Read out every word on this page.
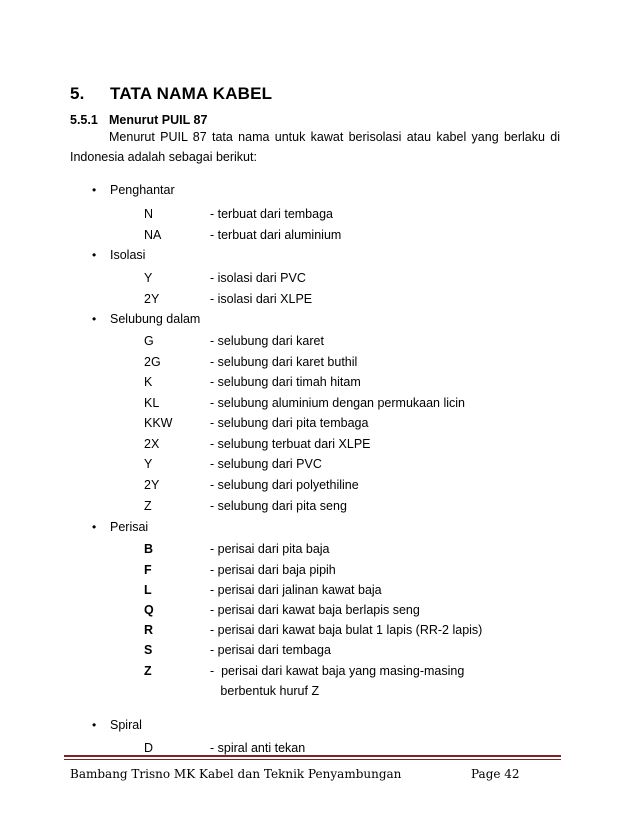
5. TATA NAMA KABEL
5.5.1 Menurut PUIL 87

Menurut PUIL 87 tata nama untuk kawat berisolasi atau kabel yang berlaku di
Indonesia adalah sebagai berikut:

• Penghantar
N	- terbuat dari tembaga
NA	- terbuat dari aluminium
• Isolasi
Y	- isolasi dari PVC
2Y	- isolasi dari XLPE
• Selubung dalam
G	- selubung dari karet
2G	- selubung dari karet buthil
K	- selubung dari timah hitam
KL	- selubung aluminium dengan permukaan licin
KKW	- selubung dari pita tembaga
2X	- selubung terbuat dari XLPE
Y	- selubung dari PVC
2Y	- selubung dari polyethiline
Z	- selubung dari pita seng
• Perisai
B	- perisai dari pita baja
F	- perisai dari baja pipih
L	- perisai dari jalinan kawat baja
Q	- perisai dari kawat baja berlapis seng
R	- perisai dari kawat baja bulat 1 lapis (RR-2 lapis)
S	- perisai dari tembaga
Z	-  perisai dari kawat baja yang masing-masing
berbentuk huruf Z
• Spiral
D	- spiral anti tekan
Bambang Trisno MK Kabel dan Teknik Penyambungan	Page 42
